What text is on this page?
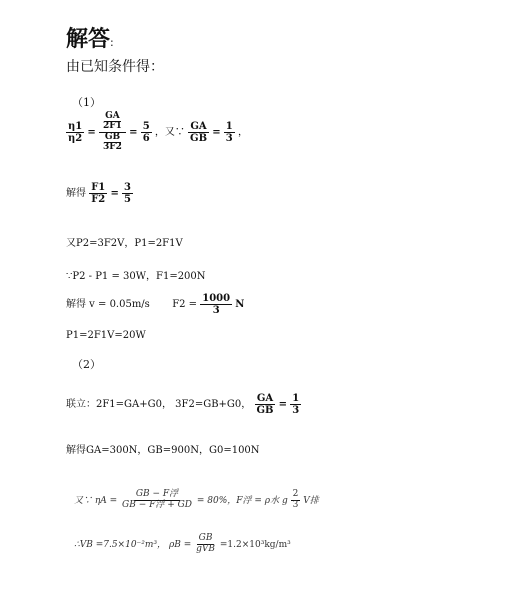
解答:
由已知条件得：
（1）
$\frac{\eta 1}{\eta 2} = \frac{\frac{GA}{2F1}}{\frac{GB}{3F2}} = \frac{5}{6}$ ，又∵ $\frac{GA}{GB} = \frac{1}{3}$ ，
解得 $\frac{F1}{F2} = \frac{3}{5}$
又P2=3F2V，P1=2F1V
∵P2 - P1 = 30W，F1=200N
解得 v = 0.05m/s $F2 = \frac{1000}{3}$ N
P1=2F1V=20W
（2）
联立：2F1=GA+G0， 3F2=GB+G0， $\frac{GA}{GB} = \frac{1}{3}$
解得GA=300N，GB=900N，G0=100N
又∵ $\eta A = \frac{\text{GB − F浮}}{\text{GB − F浮 + GD}} = 80\%$，F浮 = ρ水 g $\frac{2}{3}$ V排
∴VB =7.5×10⁻²m³， $\rho B = \frac{GB}{\text{gVB}} =1.2\times 10^3kg/m^3$
